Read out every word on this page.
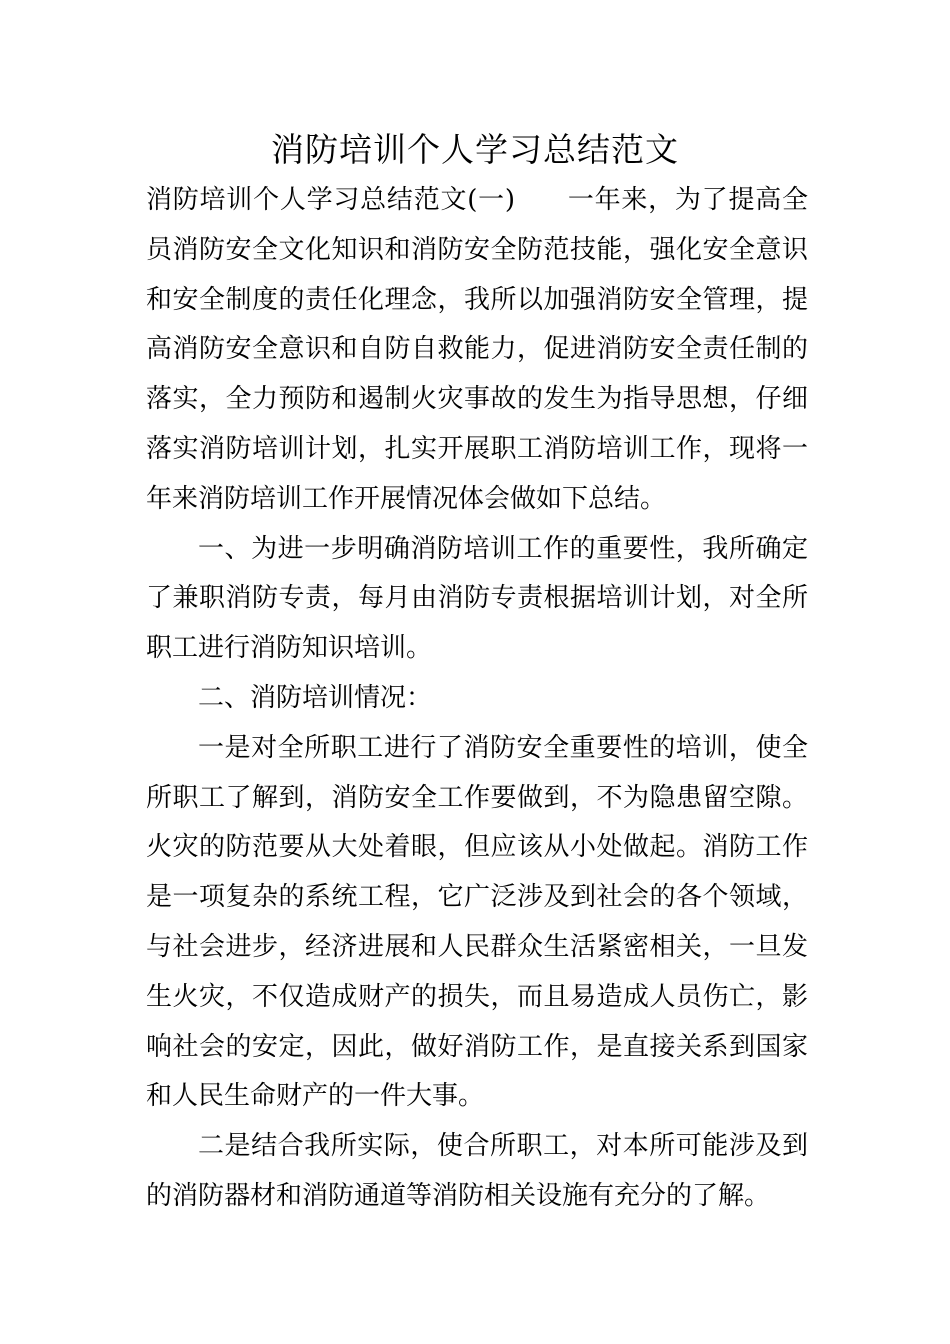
消防培训个人学习总结范文

消防培训个人学习总结范文(一) 一年来，为了提高全员消防安全文化知识和消防安全防范技能，强化安全意识和安全制度的责任化理念，我所以加强消防安全管理，提高消防安全意识和自防自救能力，促进消防安全责任制的落实，全力预防和遏制火灾事故的发生为指导思想，仔细落实消防培训计划，扎实开展职工消防培训工作，现将一年来消防培训工作开展情况体会做如下总结。

一、为进一步明确消防培训工作的重要性，我所确定了兼职消防专责，每月由消防专责根据培训计划，对全所职工进行消防知识培训。

二、消防培训情况：

一是对全所职工进行了消防安全重要性的培训，使全所职工了解到，消防安全工作要做到，不为隐患留空隙。火灾的防范要从大处着眼，但应该从小处做起。消防工作是一项复杂的系统工程，它广泛涉及到社会的各个领域，与社会进步，经济进展和人民群众生活紧密相关，一旦发生火灾，不仅造成财产的损失，而且易造成人员伤亡，影响社会的安定，因此，做好消防工作，是直接关系到国家和人民生命财产的一件大事。

二是结合我所实际，使合所职工，对本所可能涉及到的消防器材和消防通道等消防相关设施有充分的了解。
